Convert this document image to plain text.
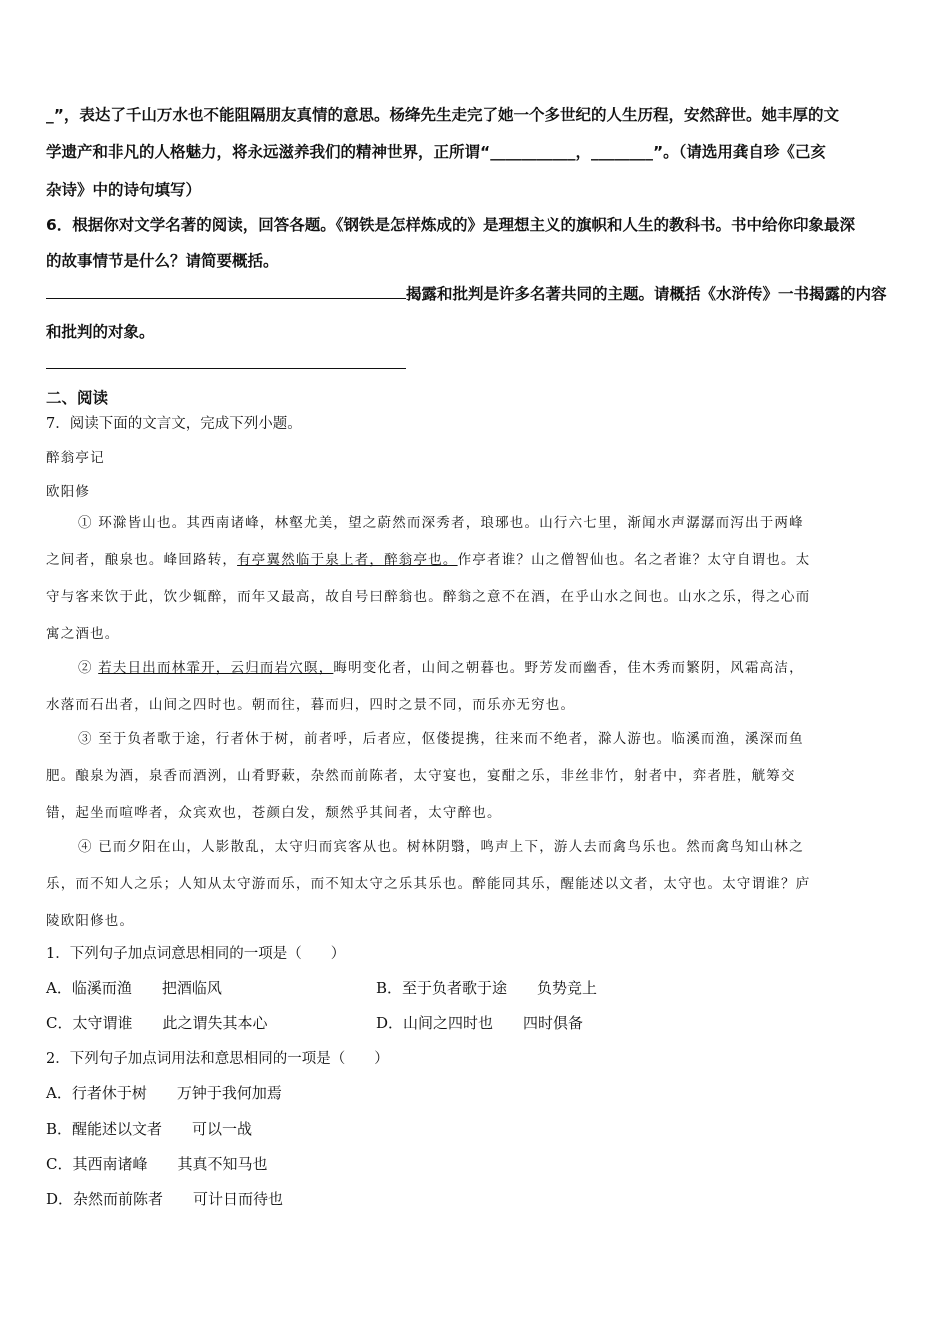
_”，表达了千山万水也不能阻隔朋友真情的意思。杨绛先生走完了她一个多世纪的人生历程，安然辞世。她丰厚的文
学遗产和非凡的人格魅力，将永远滋养我们的精神世界，正所谓“___________，________”。（请选用龚自珍《己亥
杂诗》中的诗句填写）
6．根据你对文学名著的阅读，回答各题。《钢铁是怎样炼成的》是理想主义的旗帜和人生的教科书。书中给你印象最深
的故事情节是什么？请简要概括。
揭露和批判是许多名著共同的主题。请概括《水浒传》一书揭露的内容
和批判的对象。
二、阅读
7．阅读下面的文言文，完成下列小题。
醉翁亭记
欧阳修
① 环滁皆山也。其西南诸峰，林壑尤美，望之蔚然而深秀者，琅琊也。山行六七里，渐闻水声潺潺而泻出于两峰
之间者，酿泉也。峰回路转，有亭翼然临于泉上者，醉翁亭也。作亭者谁？山之僧智仙也。名之者谁？太守自谓也。太
守与客来饮于此，饮少辄醉，而年又最高，故自号曰醉翁也。醉翁之意不在酒，在乎山水之间也。山水之乐，得之心而
寓之酒也。
② 若夫日出而林霏开，云归而岩穴暝，晦明变化者，山间之朝暮也。野芳发而幽香，佳木秀而繁阴，风霜高洁，
水落而石出者，山间之四时也。朝而往，暮而归，四时之景不同，而乐亦无穷也。
③ 至于负者歌于途，行者休于树，前者呼，后者应，伛偻提携，往来而不绝者，滁人游也。临溪而渔，溪深而鱼
肥。酿泉为酒，泉香而酒洌，山肴野蔌，杂然而前陈者，太守宴也，宴酣之乐，非丝非竹，射者中，弈者胜，觥筹交
错，起坐而喧哗者，众宾欢也，苍颜白发，颓然乎其间者，太守醉也。
④ 已而夕阳在山，人影散乱，太守归而宾客从也。树林阴翳，鸣声上下，游人去而禽鸟乐也。然而禽鸟知山林之
乐，而不知人之乐；人知从太守游而乐，而不知太守之乐其乐也。醉能同其乐，醒能述以文者，太守也。太守谓谁？庐
陵欧阳修也。
1．下列句子加点词意思相同的一项是（　　）
A．临溪而渔　　把酒临风	B．至于负者歌于途　　负势竞上
C．太守谓谁　　此之谓失其本心	D．山间之四时也　　四时俱备
2．下列句子加点词用法和意思相同的一项是（　　）
A．行者休于树　　万钟于我何加焉
B．醒能述以文者　　可以一战
C．其西南诸峰　　其真不知马也
D．杂然而前陈者　　可计日而待也
